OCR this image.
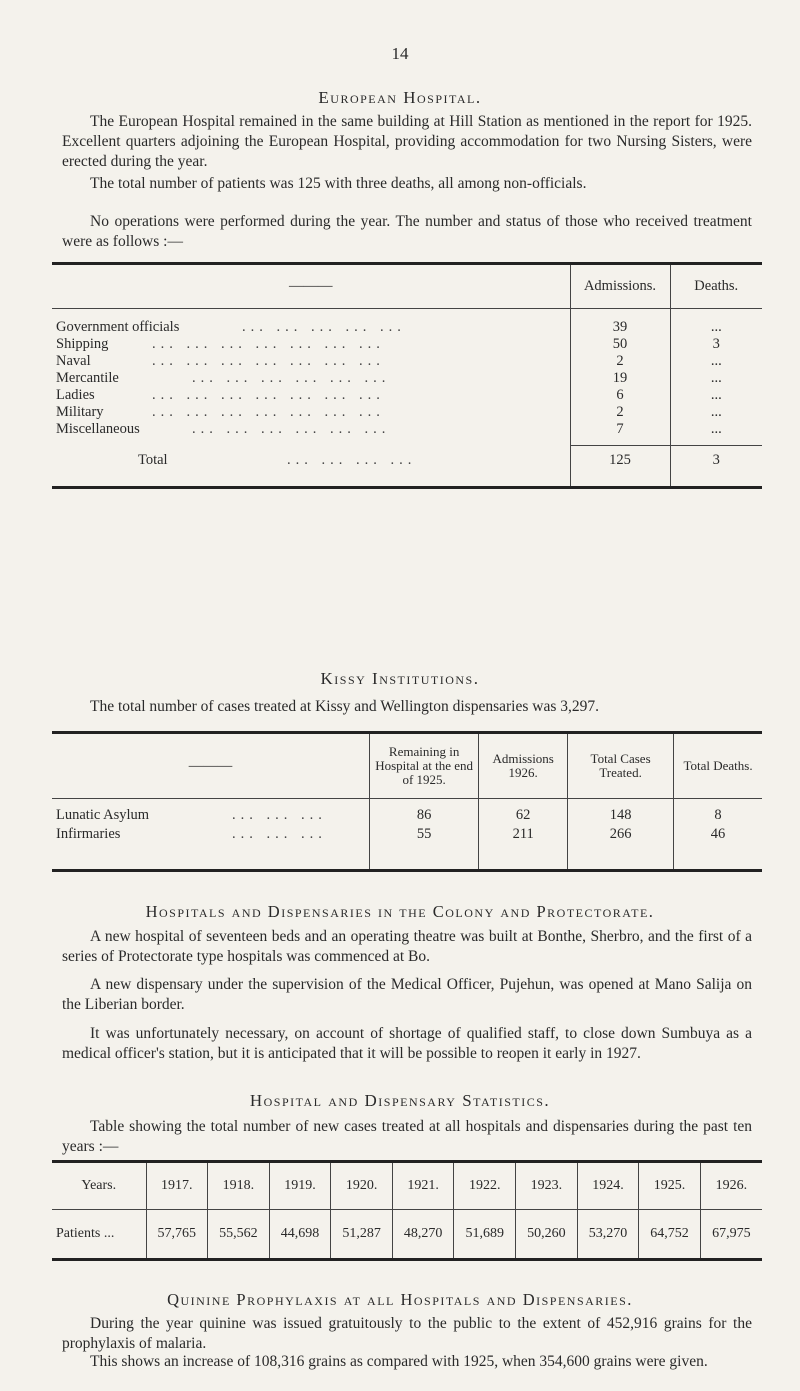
14
European Hospital.
The European Hospital remained in the same building at Hill Station as mentioned in the report for 1925. Excellent quarters adjoining the European Hospital, providing accommodation for two Nursing Sisters, were erected during the year.
The total number of patients was 125 with three deaths, all among non-officials.
No operations were performed during the year. The number and status of those who received treatment were as follows :—
———	Admissions.	Deaths.

Government officials ... ... ... ... ...	39	...
Shipping ... ... ... ... ... ... ...	50	3
Naval ... ... ... ... ... ... ...	2	...
Mercantile ... ... ... ... ... ...	19	...
Ladies ... ... ... ... ... ... ...	6	...
Military ... ... ... ... ... ... ...	2	...
Miscellaneous ... ... ... ... ... ...	7	...

Total ... ... ... ...	125	3

Kissy Institutions.
The total number of cases treated at Kissy and Wellington dispensaries was 3,297.
———	Remaining in Hospital at the end of 1925.	Admissions 1926.	Total Cases Treated.	Total Deaths.
Lunatic Asylum ... ... ...	86	62	148	8
Infirmaries ... ... ...	55	211	266	46

Hospitals and Dispensaries in the Colony and Protectorate.
A new hospital of seventeen beds and an operating theatre was built at Bonthe, Sherbro, and the first of a series of Protectorate type hospitals was commenced at Bo.
A new dispensary under the supervision of the Medical Officer, Pujehun, was opened at Mano Salija on the Liberian border.
It was unfortunately necessary, on account of shortage of qualified staff, to close down Sumbuya as a medical officer's station, but it is anticipated that it will be possible to reopen it early in 1927.
Hospital and Dispensary Statistics.
Table showing the total number of new cases treated at all hospitals and dispensaries during the past ten years :—
Years.	1917.	1918.	1919.	1920.	1921.	1922.	1923.	1924.	1925.	1926.
Patients ...	57,765	55,562	44,698	51,287	48,270	51,689	50,260	53,270	64,752	67,975
Quinine Prophylaxis at all Hospitals and Dispensaries.
During the year quinine was issued gratuitously to the public to the extent of 452,916 grains for the prophylaxis of malaria.
This shows an increase of 108,316 grains as compared with 1925, when 354,600 grains were given.
